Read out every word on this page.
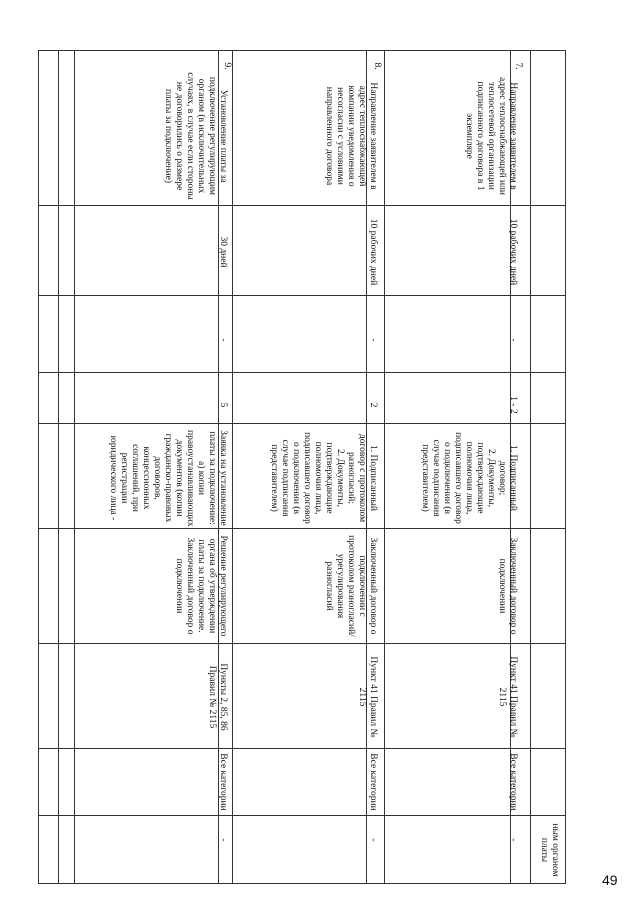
ным органом платы
7.
Направление заявителем в адрес теплоснабжающей или теплосетевой организации подписанного договора в 1 экземпляре
10 рабочих дней
-
1 - 2
1. Подписанный договор;
2. Документы, подтверждающие полномочия лица, подписавшего договор о подключении (в случае подписания представителем)
Заключенный договор о подключении
Пункт 41 Правил № 2115
Все категории
-
8.
Направление заявителем в адрес теплоснабжающей компании уведомления о несогласии с условиями направленного договора
10 рабочих дней
-
2
1. Подписанный договор с протоколом разногласий;
2. Документы, подтверждающие полномочия лица, подписавшего договор о подключении (в случае подписания представителем)
Заключенный договор о подключении с протоколом разногласий/урегулирования разногласий
Пункт 41 Правил № 2115
Все категории
-
9.
Установление платы за подключение регулирующим органом (в исключительных случаях, в случае если стороны не договорились о размере платы за подключение)
30 дней
-
5
Заявка на установление платы за подключение:
а) копии правоустанавливающих документов (копии гражданско-правовых договоров, концессионных соглашений, при регистрации юридического лица -
Решение регулирующего органа об утверждении платы за подключение.
Заключенный договор о подключении
Пункты 2, 85, 86 Правил № 2115
Все категории
-
49
